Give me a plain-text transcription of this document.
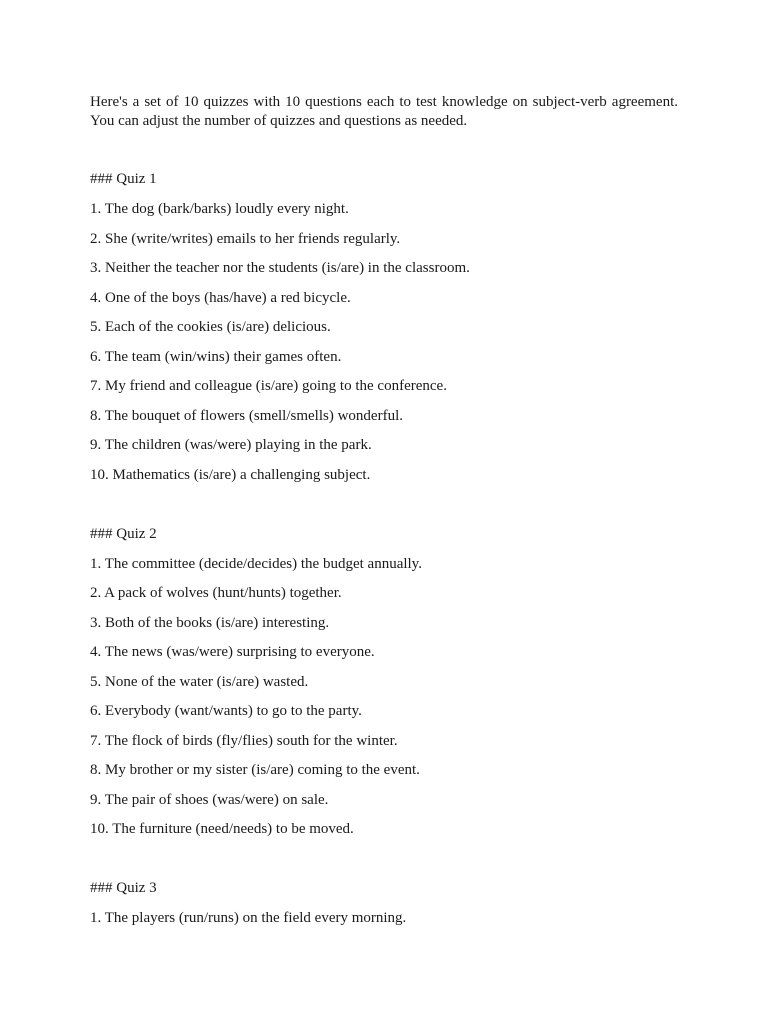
Here's a set of 10 quizzes with 10 questions each to test knowledge on subject-verb agreement. You can adjust the number of quizzes and questions as needed.

### Quiz 1

1. The dog (bark/barks) loudly every night.

2. She (write/writes) emails to her friends regularly.

3. Neither the teacher nor the students (is/are) in the classroom.

4. One of the boys (has/have) a red bicycle.

5. Each of the cookies (is/are) delicious.

6. The team (win/wins) their games often.

7. My friend and colleague (is/are) going to the conference.

8. The bouquet of flowers (smell/smells) wonderful.

9. The children (was/were) playing in the park.

10. Mathematics (is/are) a challenging subject.

### Quiz 2

1. The committee (decide/decides) the budget annually.

2. A pack of wolves (hunt/hunts) together.

3. Both of the books (is/are) interesting.

4. The news (was/were) surprising to everyone.

5. None of the water (is/are) wasted.

6. Everybody (want/wants) to go to the party.

7. The flock of birds (fly/flies) south for the winter.

8. My brother or my sister (is/are) coming to the event.

9. The pair of shoes (was/were) on sale.

10. The furniture (need/needs) to be moved.

### Quiz 3

1. The players (run/runs) on the field every morning.
